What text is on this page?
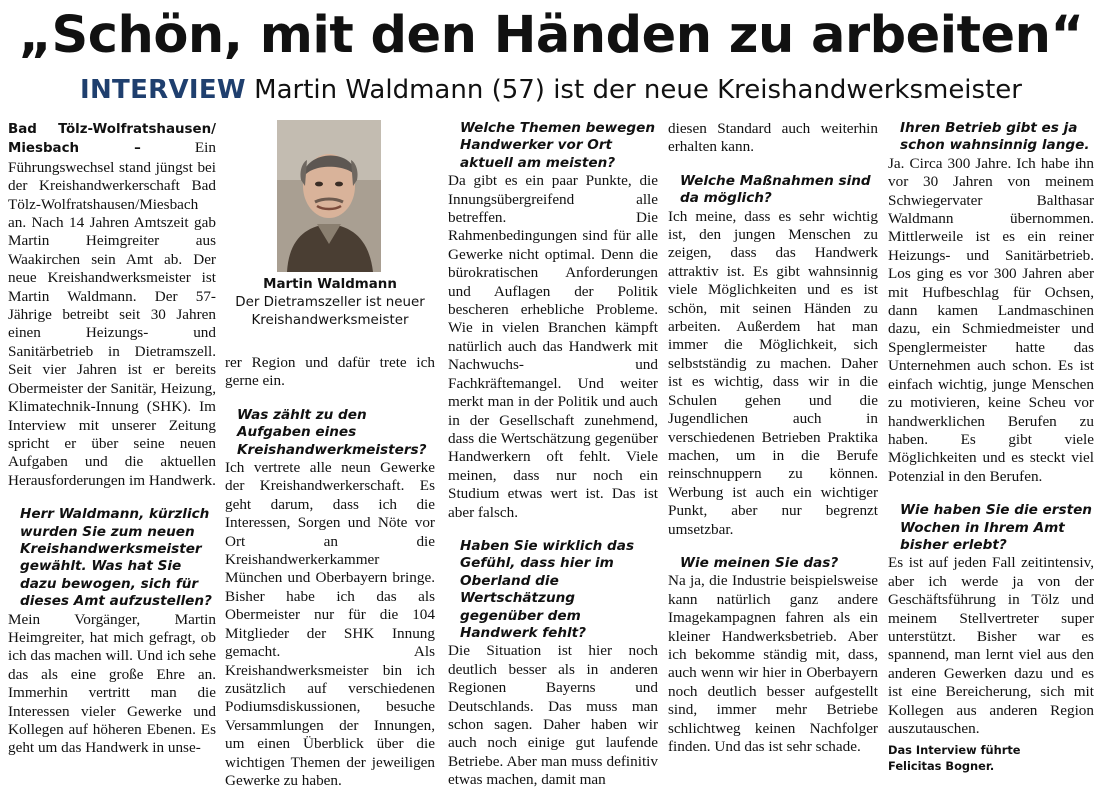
„Schön, mit den Händen zu arbeiten“
INTERVIEW Martin Waldmann (57) ist der neue Kreishandwerksmeister

Bad Tölz-Wolfratshausen/ Miesbach –	Ein Führungswechsel stand jüngst bei der Kreishandwerkerschaft Bad Tölz-Wolfratshausen/Miesbach an. Nach 14 Jahren Amtszeit gab Martin Heimgreiter aus Waakirchen sein Amt ab. Der neue Kreishandwerksmeister ist Martin Waldmann. Der 57-Jährige betreibt seit 30 Jahren einen Heizungs- und Sanitärbetrieb in Dietramszell. Seit vier Jahren ist er bereits Obermeister der Sanitär, Heizung, Klimatechnik-Innung (SHK). Im Interview mit unserer Zeitung spricht er über seine neuen Aufgaben und die aktuellen Herausforderungen im Handwerk.

Herr Waldmann, kürzlich wurden Sie zum neuen Kreishandwerksmeister gewählt. Was hat Sie dazu bewogen, sich für dieses Amt aufzustellen?

Mein Vorgänger, Martin Heimgreiter, hat mich gefragt, ob ich das machen will. Und ich sehe das als eine große Ehre an. Immerhin vertritt man die Interessen vieler Gewerke und Kollegen auf höheren Ebenen. Es geht um das Handwerk in unse-

Martin Waldmann
Der Dietramszeller ist neuer Kreishandwerksmeister

rer Region und dafür trete ich gerne ein.

Was zählt zu den Aufgaben eines Kreishandwerkmeisters?

Ich vertrete alle neun Gewerke der Kreishandwerkerschaft. Es geht darum, dass ich die Interessen, Sorgen und Nöte vor Ort an die Kreishandwerkerkammer München und Oberbayern bringe. Bisher habe ich das als Obermeister nur für die 104 Mitglieder der SHK Innung gemacht. Als Kreishandwerksmeister bin ich zusätzlich auf verschiedenen Podiumsdiskussionen, besuche Versammlungen der Innungen, um einen Überblick über die wichtigen Themen der jeweiligen Gewerke zu haben.

Welche Themen bewegen Handwerker vor Ort aktuell am meisten?

Da gibt es ein paar Punkte, die Innungsübergreifend alle betreffen. Die Rahmenbedingungen sind für alle Gewerke nicht optimal. Denn die bürokratischen Anforderungen und Auflagen der Politik bescheren erhebliche Probleme. Wie in vielen Branchen kämpft natürlich auch das Handwerk mit Nachwuchs- und Fachkräftemangel. Und weiter merkt man in der Politik und auch in der Gesellschaft zunehmend, dass die Wertschätzung gegenüber Handwerkern oft fehlt. Viele meinen, dass nur noch ein Studium etwas wert ist. Das ist aber falsch.

Haben Sie wirklich das Gefühl, dass hier im Oberland die Wertschätzung gegenüber dem Handwerk fehlt?

Die Situation ist hier noch deutlich besser als in anderen Regionen Bayerns und Deutschlands. Das muss man schon sagen. Daher haben wir auch noch einige gut laufende Betriebe. Aber man muss definitiv etwas machen, damit man

diesen Standard auch weiterhin erhalten kann.

Welche Maßnahmen sind da möglich?

Ich meine, dass es sehr wichtig ist, den jungen Menschen zu zeigen, dass das Handwerk attraktiv ist. Es gibt wahnsinnig viele Möglichkeiten und es ist schön, mit seinen Händen zu arbeiten. Außerdem hat man immer die Möglichkeit, sich selbstständig zu machen. Daher ist es wichtig, dass wir in die Schulen gehen und die Jugendlichen auch in verschiedenen Betrieben Praktika machen, um in die Berufe reinschnuppern zu können. Werbung ist auch ein wichtiger Punkt, aber nur begrenzt umsetzbar.

Wie meinen Sie das?

Na ja, die Industrie beispielsweise kann natürlich ganz andere Imagekampagnen fahren als ein kleiner Handwerksbetrieb. Aber ich bekomme ständig mit, dass, auch wenn wir hier in Oberbayern noch deutlich besser aufgestellt sind, immer mehr Betriebe schlichtweg keinen Nachfolger finden. Und das ist sehr schade.

Ihren Betrieb gibt es ja schon wahnsinnig lange.

Ja. Circa 300 Jahre. Ich habe ihn vor 30 Jahren von meinem Schwiegervater Balthasar Waldmann übernommen. Mittlerweile ist es ein reiner Heizungs- und Sanitärbetrieb. Los ging es vor 300 Jahren aber mit Hufbeschlag für Ochsen, dann kamen Landmaschinen dazu, ein Schmiedmeister und Spenglermeister hatte das Unternehmen auch schon. Es ist einfach wichtig, junge Menschen zu motivieren, keine Scheu vor handwerklichen Berufen zu haben. Es gibt viele Möglichkeiten und es steckt viel Potenzial in den Berufen.

Wie haben Sie die ersten Wochen in Ihrem Amt bisher erlebt?

Es ist auf jeden Fall zeitintensiv, aber ich werde ja von der Geschäftsführung in Tölz und meinem Stellvertreter super unterstützt. Bisher war es spannend, man lernt viel aus den anderen Gewerken dazu und es ist eine Bereicherung, sich mit Kollegen aus anderen Region auszutauschen.

Das Interview führte
Felicitas Bogner.
